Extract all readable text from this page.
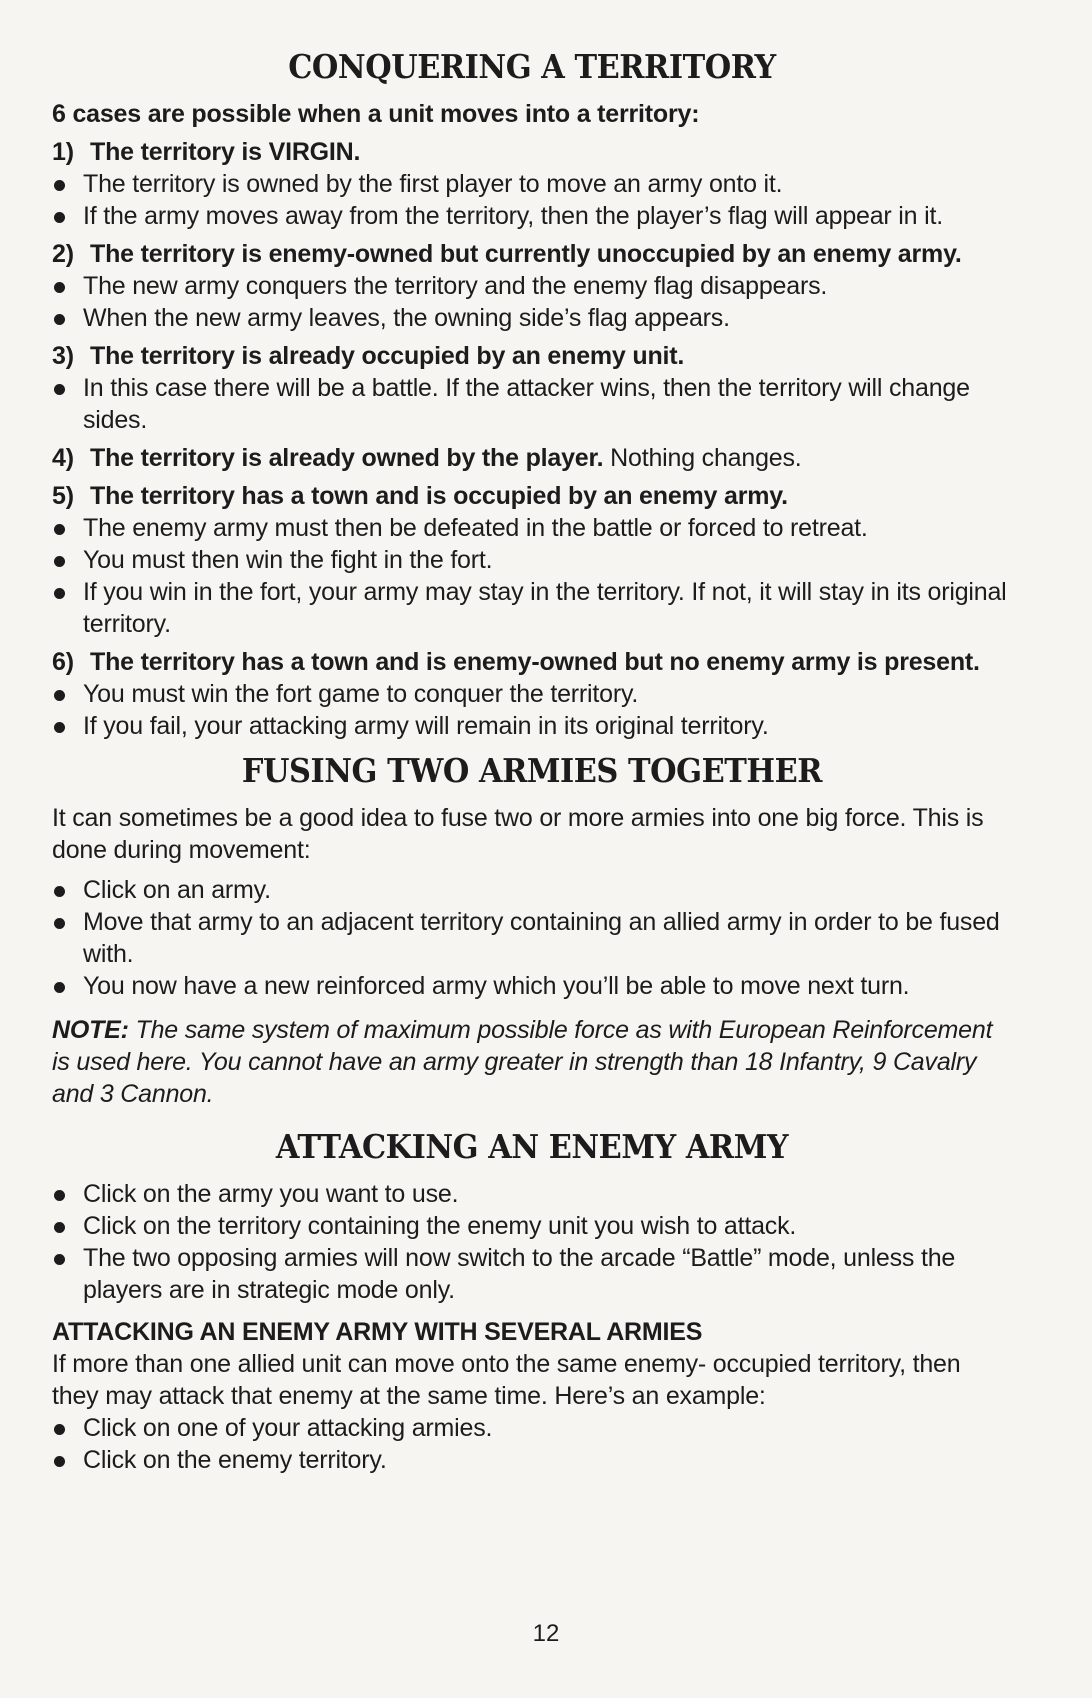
CONQUERING A TERRITORY

6 cases are possible when a unit moves into a territory:

1) The territory is VIRGIN.
The territory is owned by the first player to move an army onto it.
If the army moves away from the territory, then the player’s flag will appear in it.
2) The territory is enemy-owned but currently unoccupied by an enemy army.
The new army conquers the territory and the enemy flag disappears.
When the new army leaves, the owning side’s flag appears.
3) The territory is already occupied by an enemy unit.
In this case there will be a battle. If the attacker wins, then the territory will change sides.
4) The territory is already owned by the player. Nothing changes.
5) The territory has a town and is occupied by an enemy army.
The enemy army must then be defeated in the battle or forced to retreat.
You must then win the fight in the fort.
If you win in the fort, your army may stay in the territory. If not, it will stay in its original territory.
6) The territory has a town and is enemy-owned but no enemy army is present.
You must win the fort game to conquer the territory.
If you fail, your attacking army will remain in its original territory.
FUSING TWO ARMIES TOGETHER

It can sometimes be a good idea to fuse two or more armies into one big force. This is done during movement:

Click on an army.
Move that army to an adjacent territory containing an allied army in order to be fused with.
You now have a new reinforced army which you’ll be able to move next turn.

NOTE: The same system of maximum possible force as with European Reinforcement is used here. You cannot have an army greater in strength than 18 Infantry, 9 Cavalry and 3 Cannon.

ATTACKING AN ENEMY ARMY
Click on the army you want to use.
Click on the territory containing the enemy unit you wish to attack.
The two opposing armies will now switch to the arcade “Battle” mode, unless the players are in strategic mode only.

ATTACKING AN ENEMY ARMY WITH SEVERAL ARMIES

If more than one allied unit can move onto the same enemy- occupied territory, then they may attack that enemy at the same time. Here’s an example:

Click on one of your attacking armies.
Click on the enemy territory.
12
